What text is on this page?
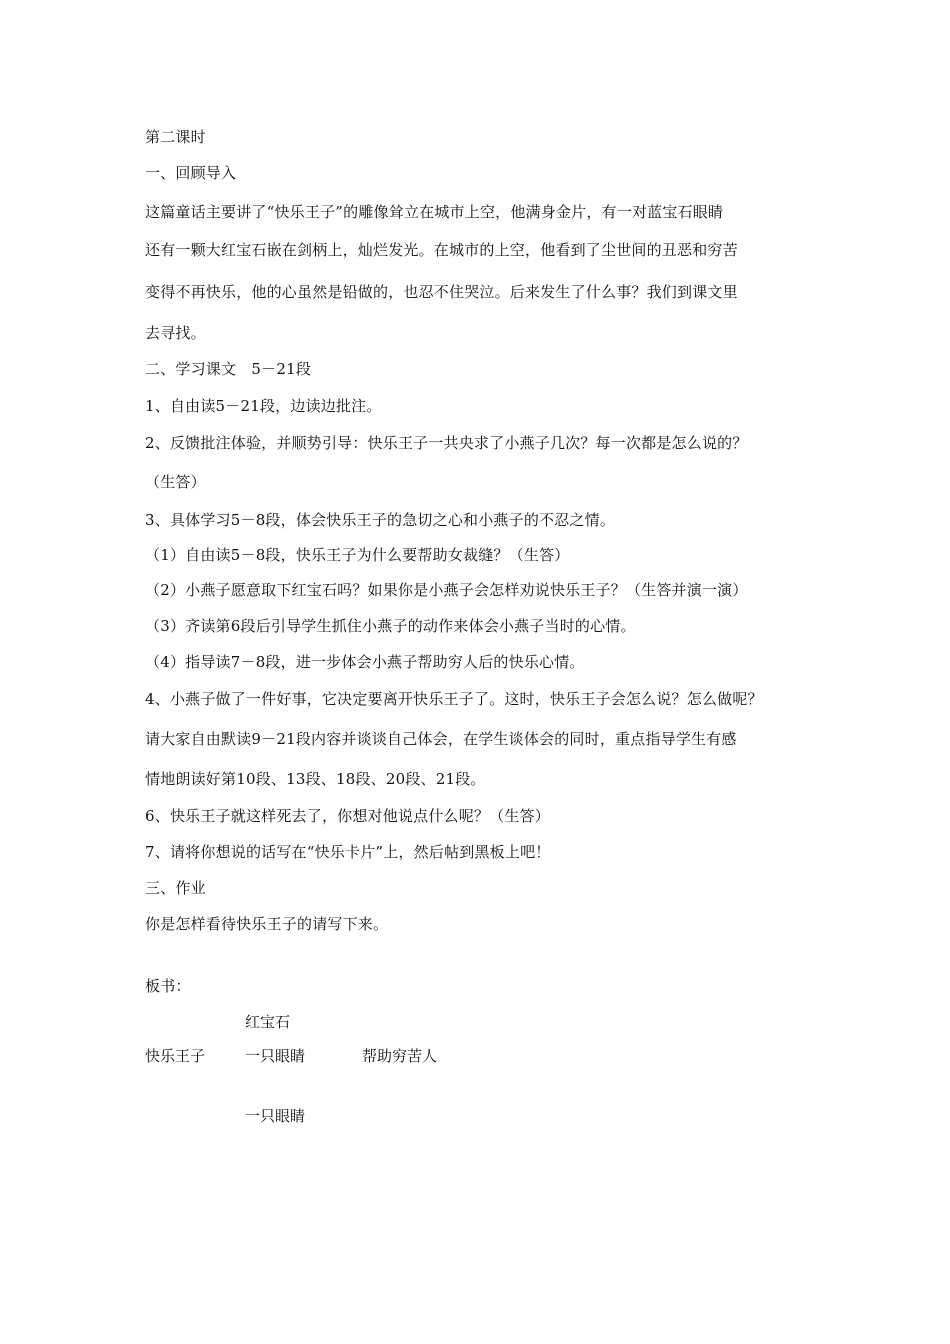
第二课时
一、回顾导入
这篇童话主要讲了“快乐王子”的雕像耸立在城市上空，他满身金片，有一对蓝宝石眼睛
还有一颗大红宝石嵌在剑柄上，灿烂发光。在城市的上空，他看到了尘世间的丑恶和穷苦
变得不再快乐，他的心虽然是铅做的，也忍不住哭泣。后来发生了什么事？我们到课文里
去寻找。
二、学习课文　5－21段
1、自由读5－21段，边读边批注。
2、反馈批注体验，并顺势引导：快乐王子一共央求了小燕子几次？每一次都是怎么说的？
（生答）
3、具体学习5－8段，体会快乐王子的急切之心和小燕子的不忍之情。
（1）自由读5－8段，快乐王子为什么要帮助女裁缝？（生答）
（2）小燕子愿意取下红宝石吗？如果你是小燕子会怎样劝说快乐王子？（生答并演一演）
（3）齐读第6段后引导学生抓住小燕子的动作来体会小燕子当时的心情。
（4）指导读7－8段，进一步体会小燕子帮助穷人后的快乐心情。
4、小燕子做了一件好事，它决定要离开快乐王子了。这时，快乐王子会怎么说？怎么做呢？
请大家自由默读9－21段内容并谈谈自己体会，在学生谈体会的同时，重点指导学生有感
情地朗读好第10段、13段、18段、20段、21段。
6、快乐王子就这样死去了，你想对他说点什么呢？（生答）
7、请将你想说的话写在“快乐卡片”上，然后帖到黑板上吧！
三、作业
你是怎样看待快乐王子的请写下来。
板书：
红宝石
快乐王子	一只眼睛	帮助穷苦人
一只眼睛
